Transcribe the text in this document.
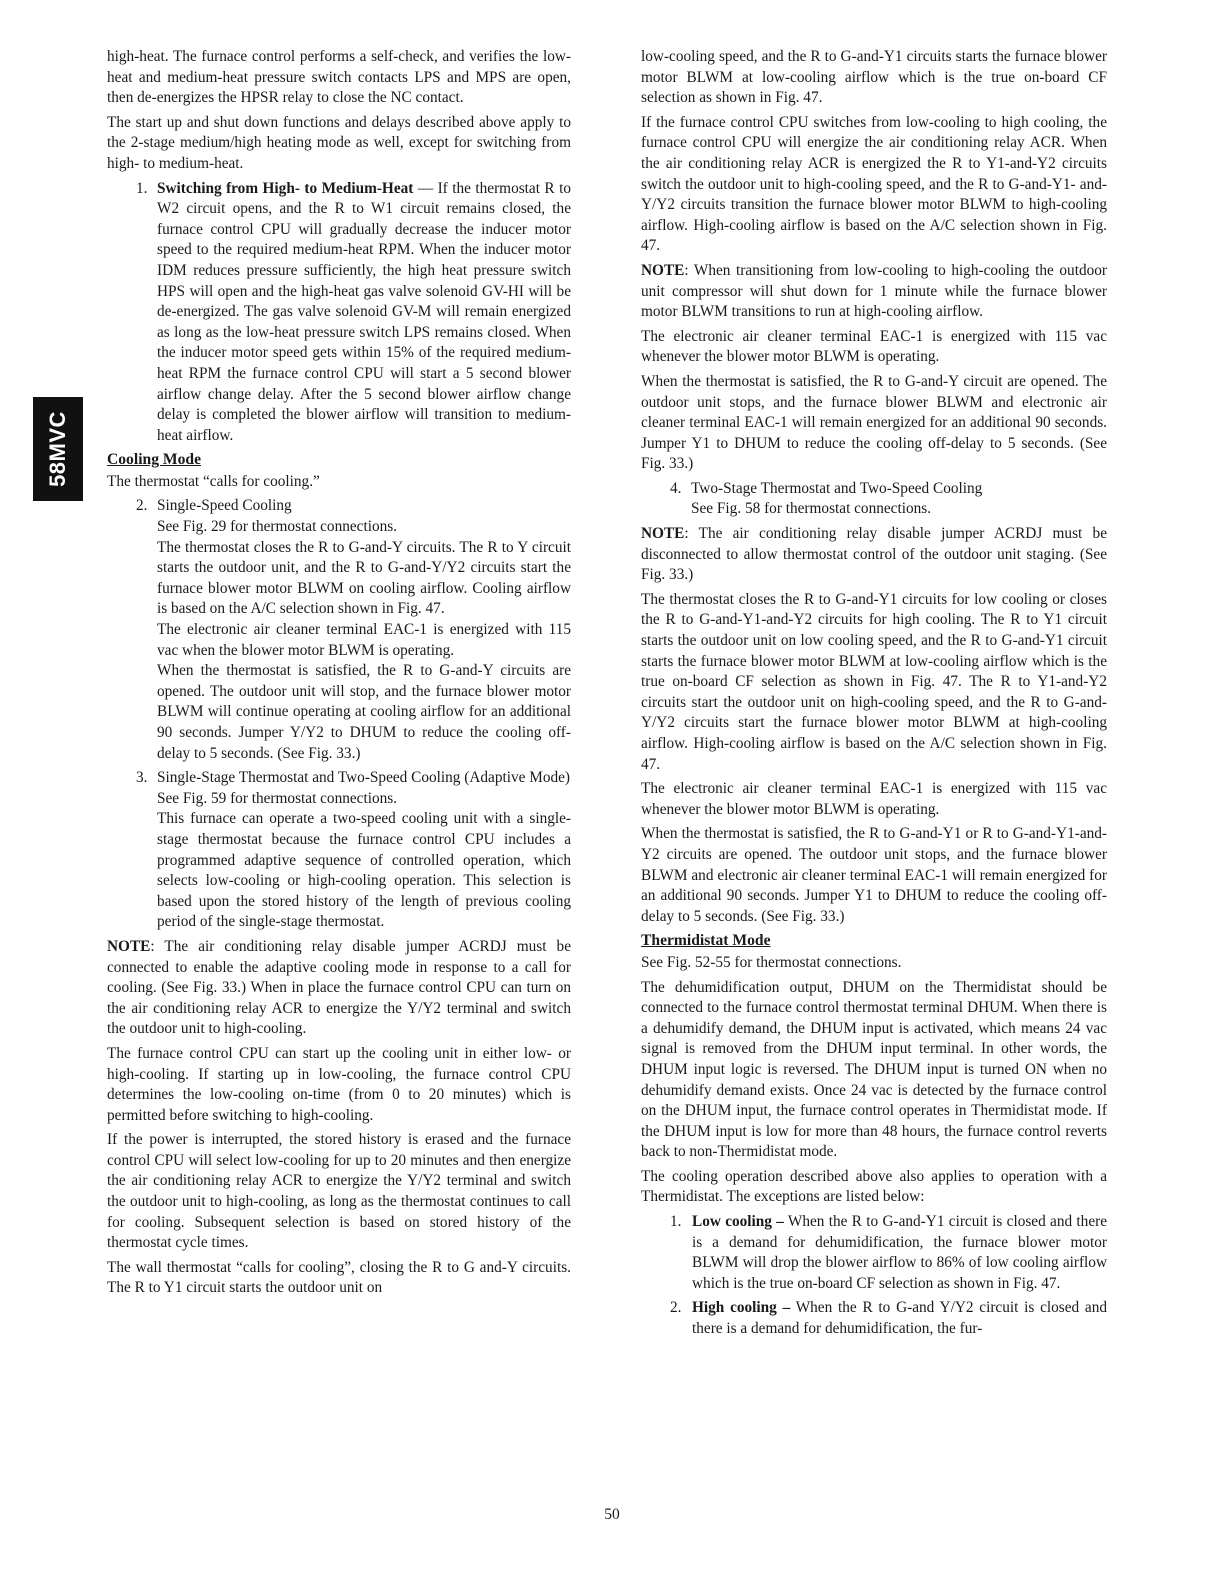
58MVC

high-heat. The furnace control performs a self-check, and verifies the low-heat and medium-heat pressure switch contacts LPS and MPS are open, then de-energizes the HPSR relay to close the NC contact.

The start up and shut down functions and delays described above apply to the 2-stage medium/high heating mode as well, except for switching from high- to medium-heat.

1. Switching from High- to Medium-Heat — If the thermostat R to W2 circuit opens, and the R to W1 circuit remains closed, the furnace control CPU will gradually decrease the inducer motor speed to the required medium-heat RPM. When the inducer motor IDM reduces pressure sufficiently, the high heat pressure switch HPS will open and the high-heat gas valve solenoid GV-HI will be de-energized. The gas valve solenoid GV-M will remain energized as long as the low-heat pressure switch LPS remains closed. When the inducer motor speed gets within 15% of the required medium-heat RPM the furnace control CPU will start a 5 second blower airflow change delay. After the 5 second blower airflow change delay is completed the blower airflow will transition to medium-heat airflow.

Cooling Mode

The thermostat “calls for cooling.”

2. Single-Speed Cooling

See Fig. 29 for thermostat connections.

The thermostat closes the R to G-and-Y circuits. The R to Y circuit starts the outdoor unit, and the R to G-and-Y/Y2 circuits start the furnace blower motor BLWM on cooling airflow. Cooling airflow is based on the A/C selection shown in Fig. 47.

The electronic air cleaner terminal EAC-1 is energized with 115 vac when the blower motor BLWM is operating.

When the thermostat is satisfied, the R to G-and-Y circuits are opened. The outdoor unit will stop, and the furnace blower motor BLWM will continue operating at cooling airflow for an additional 90 seconds. Jumper Y/Y2 to DHUM to reduce the cooling off-delay to 5 seconds. (See Fig. 33.)

3. Single-Stage Thermostat and Two-Speed Cooling (Adaptive Mode)

See Fig. 59 for thermostat connections.

This furnace can operate a two-speed cooling unit with a single-stage thermostat because the furnace control CPU includes a programmed adaptive sequence of controlled operation, which selects low-cooling or high-cooling operation. This selection is based upon the stored history of the length of previous cooling period of the single-stage thermostat.

NOTE: The air conditioning relay disable jumper ACRDJ must be connected to enable the adaptive cooling mode in response to a call for cooling. (See Fig. 33.) When in place the furnace control CPU can turn on the air conditioning relay ACR to energize the Y/Y2 terminal and switch the outdoor unit to high-cooling.

The furnace control CPU can start up the cooling unit in either low- or high-cooling. If starting up in low-cooling, the furnace control CPU determines the low-cooling on-time (from 0 to 20 minutes) which is permitted before switching to high-cooling.

If the power is interrupted, the stored history is erased and the furnace control CPU will select low-cooling for up to 20 minutes and then energize the air conditioning relay ACR to energize the Y/Y2 terminal and switch the outdoor unit to high-cooling, as long as the thermostat continues to call for cooling. Subsequent selection is based on stored history of the thermostat cycle times.

The wall thermostat “calls for cooling”, closing the R to G and-Y circuits. The R to Y1 circuit starts the outdoor unit on

low-cooling speed, and the R to G-and-Y1 circuits starts the furnace blower motor BLWM at low-cooling airflow which is the true on-board CF selection as shown in Fig. 47.

If the furnace control CPU switches from low-cooling to high cooling, the furnace control CPU will energize the air conditioning relay ACR. When the air conditioning relay ACR is energized the R to Y1-and-Y2 circuits switch the outdoor unit to high-cooling speed, and the R to G-and-Y1- and-Y/Y2 circuits transition the furnace blower motor BLWM to high-cooling airflow. High-cooling airflow is based on the A/C selection shown in Fig. 47.

NOTE: When transitioning from low-cooling to high-cooling the outdoor unit compressor will shut down for 1 minute while the furnace blower motor BLWM transitions to run at high-cooling airflow.

The electronic air cleaner terminal EAC-1 is energized with 115 vac whenever the blower motor BLWM is operating.

When the thermostat is satisfied, the R to G-and-Y circuit are opened. The outdoor unit stops, and the furnace blower BLWM and electronic air cleaner terminal EAC-1 will remain energized for an additional 90 seconds. Jumper Y1 to DHUM to reduce the cooling off-delay to 5 seconds. (See Fig. 33.)

4. Two-Stage Thermostat and Two-Speed Cooling

See Fig. 58 for thermostat connections.

NOTE: The air conditioning relay disable jumper ACRDJ must be disconnected to allow thermostat control of the outdoor unit staging. (See Fig. 33.)

The thermostat closes the R to G-and-Y1 circuits for low cooling or closes the R to G-and-Y1-and-Y2 circuits for high cooling. The R to Y1 circuit starts the outdoor unit on low cooling speed, and the R to G-and-Y1 circuit starts the furnace blower motor BLWM at low-cooling airflow which is the true on-board CF selection as shown in Fig. 47. The R to Y1-and-Y2 circuits start the outdoor unit on high-cooling speed, and the R to G-and-Y/Y2 circuits start the furnace blower motor BLWM at high-cooling airflow. High-cooling airflow is based on the A/C selection shown in Fig. 47.

The electronic air cleaner terminal EAC-1 is energized with 115 vac whenever the blower motor BLWM is operating.

When the thermostat is satisfied, the R to G-and-Y1 or R to G-and-Y1-and-Y2 circuits are opened. The outdoor unit stops, and the furnace blower BLWM and electronic air cleaner terminal EAC-1 will remain energized for an additional 90 seconds. Jumper Y1 to DHUM to reduce the cooling off-delay to 5 seconds. (See Fig. 33.)

Thermidistat Mode

See Fig. 52-55 for thermostat connections.

The dehumidification output, DHUM on the Thermidistat should be connected to the furnace control thermostat terminal DHUM. When there is a dehumidify demand, the DHUM input is activated, which means 24 vac signal is removed from the DHUM input terminal. In other words, the DHUM input logic is reversed. The DHUM input is turned ON when no dehumidify demand exists. Once 24 vac is detected by the furnace control on the DHUM input, the furnace control operates in Thermidistat mode. If the DHUM input is low for more than 48 hours, the furnace control reverts back to non-Thermidistat mode.

The cooling operation described above also applies to operation with a Thermidistat. The exceptions are listed below:

1. Low cooling – When the R to G-and-Y1 circuit is closed and there is a demand for dehumidification, the furnace blower motor BLWM will drop the blower airflow to 86% of low cooling airflow which is the true on-board CF selection as shown in Fig. 47.

2. High cooling – When the R to G-and Y/Y2 circuit is closed and there is a demand for dehumidification, the fur-

50
